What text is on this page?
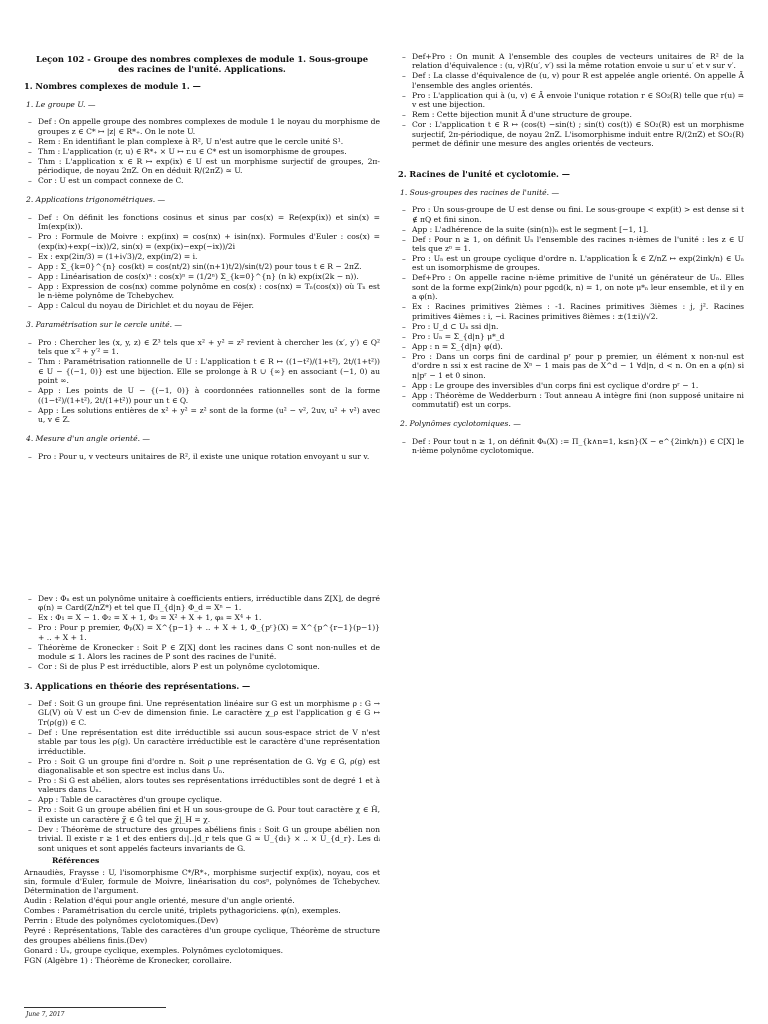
Leçon 102 - Groupe des nombres complexes de module 1. Sous-groupe des racines de l'unité. Applications.
1. Nombres complexes de module 1. —
1. Le groupe U. —
– Def : On appelle groupe des nombres complexes de module 1 le noyau du morphisme de groupes z ∈ C* ↦ |z| ∈ R*₊. On le note U.
– Rem : En identifiant le plan complexe à R², U n'est autre que le cercle unité S¹.
– Thm : L'application (r, u) ∈ R*₊ × U ↦ r.u ∈ C* est un isomorphisme de groupes.
– Thm : L'application x ∈ R ↦ exp(ix) ∈ U est un morphisme surjectif de groupes, 2π-périodique, de noyau 2πZ. On en déduit R/(2πZ) ≃ U.
– Cor : U est un compact connexe de C.
2. Applications trigonométriques. —
– Def : On définit les fonctions cosinus et sinus par cos(x) = Re(exp(ix)) et sin(x) = Im(exp(ix)).
– Pro : Formule de Moivre : exp(inx) = cos(nx) + isin(nx). Formules d'Euler : cos(x) = (exp(ix)+exp(−ix))/2, sin(x) = (exp(ix)−exp(−ix))/2i
– Ex : exp(2iπ/3) = (1+i√3)/2, exp(iπ/2) = i.
– App : Σ_{k=0}^{n} cos(kt) = cos(nt/2) sin((n+1)t/2)/sin(t/2) pour tous t ∈ R − 2πZ.
– App : Linéarisation de cos(x)ⁿ : cos(x)ⁿ = (1/2ⁿ) Σ_{k=0}^{n} (n k) exp(ix(2k − n)).
– App : Expression de cos(nx) comme polynôme en cos(x) : cos(nx) = Tₙ(cos(x)) où Tₙ est le n-ième polynôme de Tchebychev.
– App : Calcul du noyau de Dirichlet et du noyau de Féjer.
3. Paramétrisation sur le cercle unité. —
– Pro : Chercher les (x, y, z) ∈ Z³ tels que x² + y² = z² revient à chercher les (x′, y′) ∈ Q² tels que x′² + y′² = 1.
– Thm : Paramétrisation rationnelle de U : L'application t ∈ R ↦ ((1−t²)/(1+t²), 2t/(1+t²)) ∈ U − {(−1, 0)} est une bijection. Elle se prolonge à R ∪ {∞} en associant (−1, 0) au point ∞.
– App : Les points de U − {(−1, 0)} à coordonnées rationnelles sont de la forme ((1−t²)/(1+t²), 2t/(1+t²)) pour un t ∈ Q.
– App : Les solutions entières de x² + y² = z² sont de la forme (u² − v², 2uv, u² + v²) avec u, v ∈ Z.
4. Mesure d'un angle orienté. —
– Pro : Pour u, v vecteurs unitaires de R², il existe une unique rotation envoyant u sur v.
– Def+Pro : On munit A l'ensemble des couples de vecteurs unitaires de R² de la relation d'équivalence : (u, v)R(u′, v′) ssi la même rotation envoie u sur u′ et v sur v′.
– Def : La classe d'équivalence de (u, v) pour R est appelée angle orienté. On appelle Ā l'ensemble des angles orientés.
– Pro : L'application qui à (u, v) ∈ Ā envoie l'unique rotation r ∈ SO₂(R) telle que r(u) = v est une bijection.
– Rem : Cette bijection munit Ā d'une structure de groupe.
– Cor : L'application t ∈ R ↦ (cos(t) −sin(t) ; sin(t) cos(t)) ∈ SO₂(R) est un morphisme surjectif, 2π-périodique, de noyau 2πZ. L'isomorphisme induit entre R/(2πZ) et SO₂(R) permet de définir une mesure des angles orientés de vecteurs.
2. Racines de l'unité et cyclotomie. —
1. Sous-groupes des racines de l'unité. —
– Pro : Un sous-groupe de U est dense ou fini. Le sous-groupe < exp(it) > est dense si t ∉ πQ et fini sinon.
– App : L'adhérence de la suite (sin(n))ₙ est le segment [−1, 1].
– Def : Pour n ≥ 1, on définit Uₙ l'ensemble des racines n-ièmes de l'unité : les z ∈ U tels que zⁿ = 1.
– Pro : Uₙ est un groupe cyclique d'ordre n. L'application k̄ ∈ Z/nZ ↦ exp(2iπk/n) ∈ Uₙ est un isomorphisme de groupes.
– Def+Pro : On appelle racine n-ième primitive de l'unité un générateur de Uₙ. Elles sont de la forme exp(2iπk/n) pour pgcd(k, n) = 1, on note μ*ₙ leur ensemble, et il y en a φ(n).
– Ex : Racines primitives 2ièmes : -1. Racines primitives 3ièmes : j, j². Racines primitives 4ièmes : i, −i. Racines primitives 8ièmes : ±(1±i)/√2.
– Pro : U_d ⊂ Uₙ ssi d|n.
– Pro : Uₙ = Σ_{d|n} μ*_d
– App : n = Σ_{d|n} φ(d).
– Pro : Dans un corps fini de cardinal pʳ pour p premier, un élément x non-nul est d'ordre n ssi x est racine de Xⁿ − 1 mais pas de X^d − 1 ∀d|n, d < n. On en a φ(n) si n|pʳ − 1 et 0 sinon.
– App : Le groupe des inversibles d'un corps fini est cyclique d'ordre pʳ − 1.
– App : Théorème de Wedderburn : Tout anneau A intègre fini (non supposé unitaire ni commutatif) est un corps.
2. Polynômes cyclotomiques. —
– Def : Pour tout n ≥ 1, on définit Φₙ(X) := Π_{k∧n=1, k≤n}(X − e^{2iπk/n}) ∈ C[X] le n-ième polynôme cyclotomique.
– Dev : Φₙ est un polynôme unitaire à coefficients entiers, irréductible dans Z[X], de degré φ(n) = Card(Z/nZ*) et tel que Π_{d|n} Φ_d = Xⁿ − 1.
– Ex : Φ₁ = X − 1. Φ₂ = X + 1, Φ₃ = X² + X + 1, φ₈ = X⁴ + 1.
– Pro : Pour p premier, Φₚ(X) = X^{p−1} + .. + X + 1, Φ_{pʳ}(X) = X^{p^{r−1}(p−1)} + .. + X + 1.
– Théorème de Kronecker : Soit P ∈ Z[X] dont les racines dans C sont non-nulles et de module ≤ 1. Alors les racines de P sont des racines de l'unité.
– Cor : Si de plus P est irréductible, alors P est un polynôme cyclotomique.
3. Applications en théorie des représentations. —
– Def : Soit G un groupe fini. Une représentation linéaire sur G est un morphisme ρ : G → GL(V) où V est un C-ev de dimension finie. Le caractère χ_ρ est l'application g ∈ G ↦ Tr(ρ(g)) ∈ C.
– Def : Une représentation est dite irréductible ssi aucun sous-espace strict de V n'est stable par tous les ρ(g). Un caractère irréductible est le caractère d'une représentation irréductible.
– Pro : Soit G un groupe fini d'ordre n. Soit ρ une représentation de G. ∀g ∈ G, ρ(g) est diagonalisable et son spectre est inclus dans Uₙ.
– Pro : Si G est abélien, alors toutes ses représentations irréductibles sont de degré 1 et à valeurs dans Uₙ.
– App : Table de caractères d'un groupe cyclique.
– Pro : Soit G un groupe abélien fini et H un sous-groupe de G. Pour tout caractère χ ∈ Ĥ, il existe un caractère χ̃ ∈ Ĝ tel que χ̃|_H = χ.
– Dev : Théorème de structure des groupes abéliens finis : Soit G un groupe abélien non trivial. Il existe r ≥ 1 et des entiers d₁|..|d_r tels que G ≃ U_{d₁} × .. × U_{d_r}. Les dᵢ sont uniques et sont appelés facteurs invariants de G.
Références
Arnaudiès, Fraysse : U, l'isomorphisme C*/R*₊, morphisme surjectif exp(ix), noyau, cos et sin, formule d'Euler, formule de Moivre, linéarisation du cosⁿ, polynômes de Tchebychev. Détermination de l'argument.
Audin : Relation d'équi pour angle orienté, mesure d'un angle orienté.
Combes : Paramétrisation du cercle unité, triplets pythagoriciens. φ(n), exemples.
Perrin : Etude des polynômes cyclotomiques.(Dev)
Peyré : Représentations, Table des caractères d'un groupe cyclique, Théorème de structure des groupes abéliens finis.(Dev)
Gonard : Uₙ, groupe cyclique, exemples. Polynômes cyclotomiques.
FGN (Algèbre 1) : Théorème de Kronecker, corollaire.
June 7, 2017
